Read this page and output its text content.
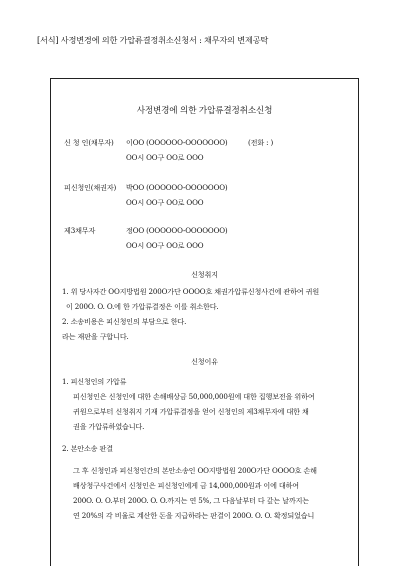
[서식] 사정변경에 의한 가압류결정취소신청서 : 채무자의 변제공탁
사정변경에 의한 가압류결정취소신청
신 청 인(채무자) 이OO (OOOOOO-OOOOOOO)	(전화 : )
OO시 OO구 OO로 OOO
피신청인(채권자) 박OO (OOOOOO-OOOOOOO)
OO시 OO구 OO로 OOO
제3채무자	정OO (OOOOOO-OOOOOOO)
OO시 OO구 OO로 OOO
신청취지
1. 위 당사자간 OO지방법원 200O가단 OOOO호 채권가압류신청사건에 관하여 귀원
이 200O. O. O.에 한 가압류결정은 이를 취소한다.
2. 소송비용은 피신청인의 부담으로 한다.
라는 재판을 구합니다.
신청이유
1. 피신청인의 가압류
피신청인은 신청인에 대한 손해배상금 50,000,000원에 대한 집행보전을 위하여
귀원으로부터 신청취지 기재 가압류결정을 얻어 신청인의 제3채무자에 대한 채
권을 가압류하였습니다.
2. 본안소송 판결
그 후 신청인과 피신청인간의 본안소송인 OO지방법원 200O가단 OOOO호 손해
배상청구사건에서 신청인은 피신청인에게 금 14,000,000원과 이에 대하여
200O. O. O.부터 200O. O. O.까지는 연 5%, 그 다음날부터 다 갚는 날까지는
연 20%의 각 비율로 계산한 돈을 지급하라는 판결이 200O. O. O. 확정되었습니
